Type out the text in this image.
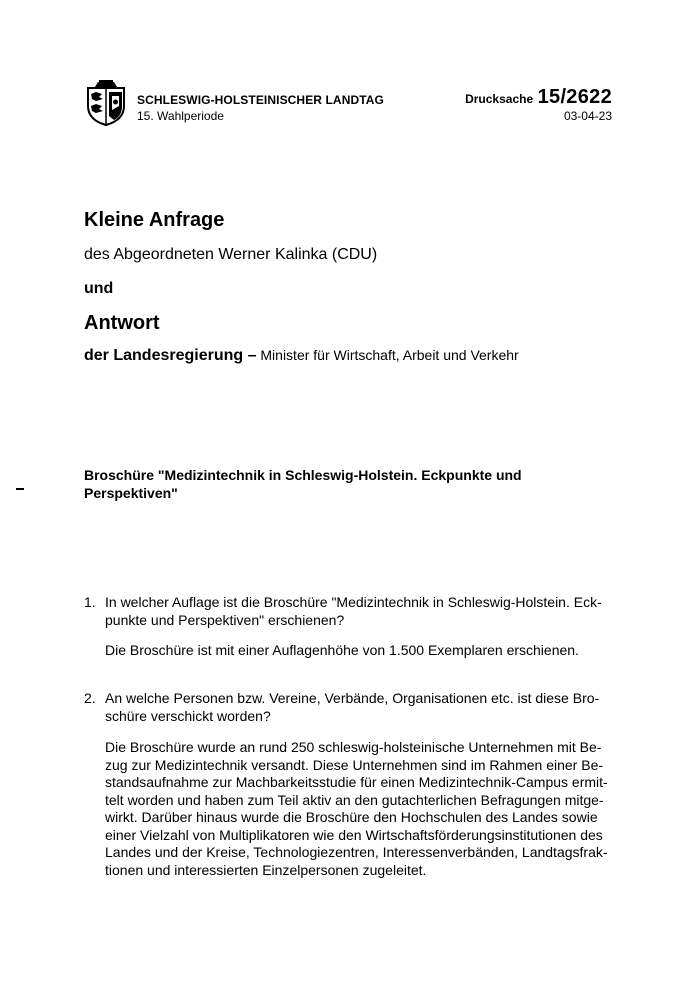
SCHLESWIG-HOLSTEINISCHER LANDTAG
15. Wahlperiode
Drucksache 15/2622
03-04-23
Kleine Anfrage
des Abgeordneten Werner Kalinka (CDU)
und
Antwort
der Landesregierung – Minister für Wirtschaft, Arbeit und Verkehr
Broschüre "Medizintechnik in Schleswig-Holstein. Eckpunkte und Perspektiven"
1. In welcher Auflage ist die Broschüre "Medizintechnik in Schleswig-Holstein. Eck-
punkte und Perspektiven" erschienen?
Die Broschüre ist mit einer Auflagenhöhe von 1.500 Exemplaren erschienen.
2. An welche Personen bzw. Vereine, Verbände, Organisationen etc. ist diese Bro-
schüre verschickt worden?
Die Broschüre wurde an rund 250 schleswig-holsteinische Unternehmen mit Be-
zug zur Medizintechnik versandt. Diese Unternehmen sind im Rahmen einer Be-
standsaufnahme zur Machbarkeitsstudie für einen Medizintechnik-Campus ermit-
telt worden und haben zum Teil aktiv an den gutachterlichen Befragungen mitge-
wirkt. Darüber hinaus wurde die Broschüre den Hochschulen des Landes sowie
einer Vielzahl von Multiplikatoren wie den Wirtschaftsförderungsinstitutionen des
Landes und der Kreise, Technologiezentren, Interessenverbänden, Landtagsfrak-
tionen und interessierten Einzelpersonen zugeleitet.
